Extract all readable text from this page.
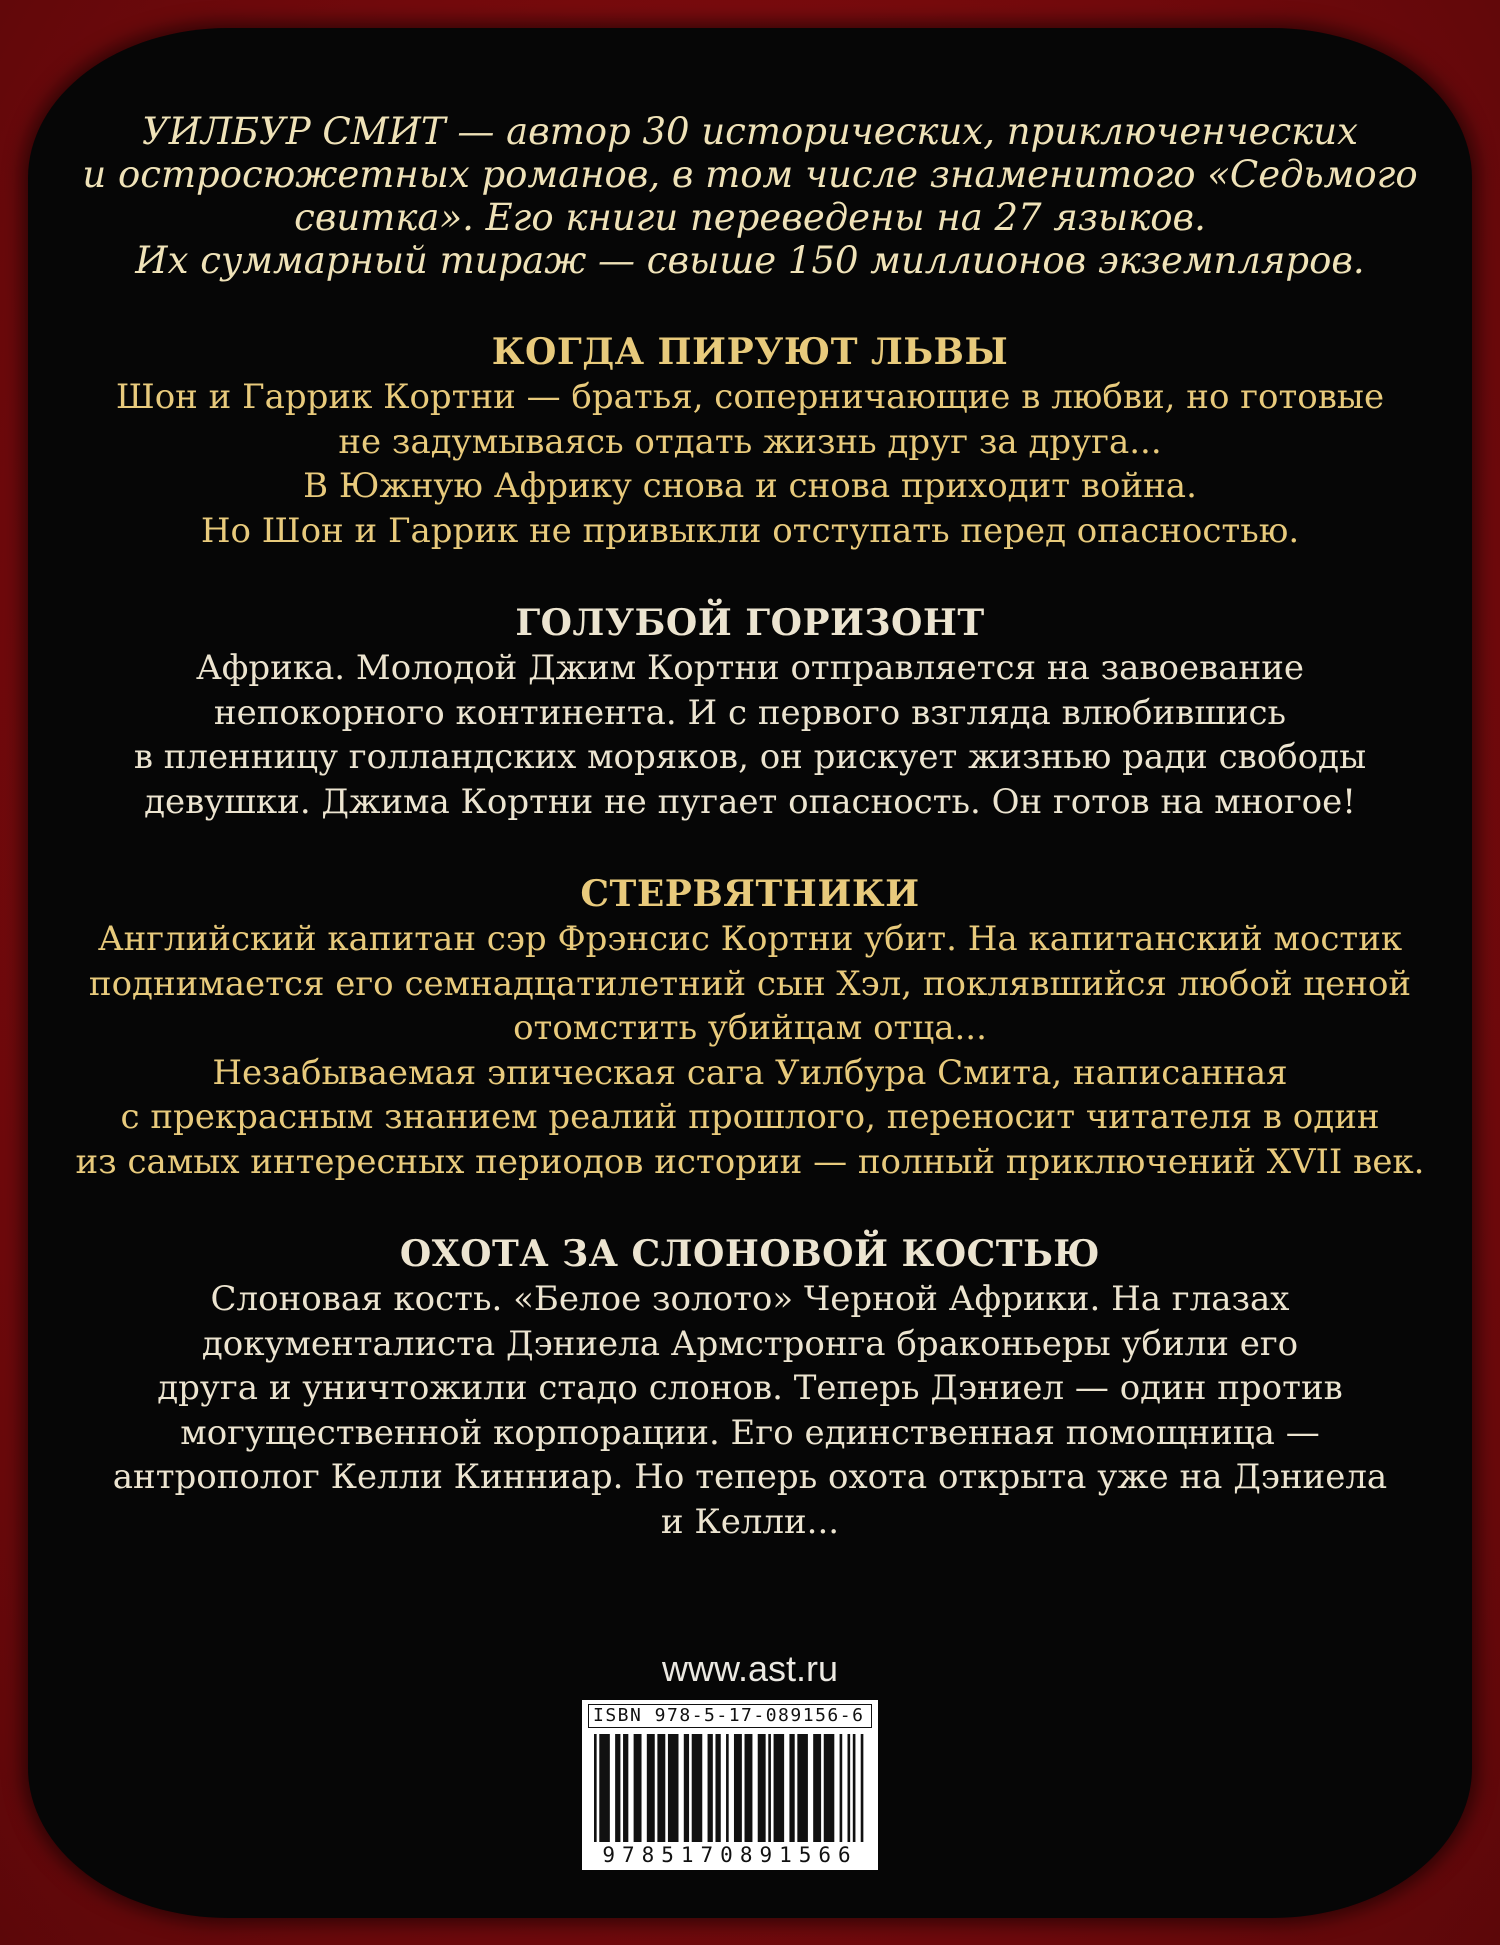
УИЛБУР СМИТ — автор 30 исторических, приключенческих
и остросюжетных романов, в том числе знаменитого «Седьмого
свитка». Его книги переведены на 27 языков.
Их суммарный тираж — свыше 150 миллионов экземпляров.

КОГДА ПИРУЮТ ЛЬВЫ

Шон и Гаррик Кортни — братья, соперничающие в любви, но готовые
не задумываясь отдать жизнь друг за друга...
В Южную Африку снова и снова приходит война.
Но Шон и Гаррик не привыкли отступать перед опасностью.

ГОЛУБОЙ ГОРИЗОНТ

Африка. Молодой Джим Кортни отправляется на завоевание
непокорного континента. И с первого взгляда влюбившись
в пленницу голландских моряков, он рискует жизнью ради свободы
девушки. Джима Кортни не пугает опасность. Он готов на многое!

СТЕРВЯТНИКИ

Английский капитан сэр Фрэнсис Кортни убит. На капитанский мостик
поднимается его семнадцатилетний сын Хэл, поклявшийся любой ценой
отомстить убийцам отца...
Незабываемая эпическая сага Уилбура Смита, написанная
с прекрасным знанием реалий прошлого, переносит читателя в один
из самых интересных периодов истории — полный приключений XVII век.

ОХОТА ЗА СЛОНОВОЙ КОСТЬЮ

Слоновая кость. «Белое золото» Черной Африки. На глазах
документалиста Дэниела Армстронга браконьеры убили его
друга и уничтожили стадо слонов. Теперь Дэниел — один против
могущественной корпорации. Его единственная помощница —
антрополог Келли Кинниар. Но теперь охота открыта уже на Дэниела
и Келли...

www.ast.ru
ISBN 978-5-17-089156-6
9785170891566
